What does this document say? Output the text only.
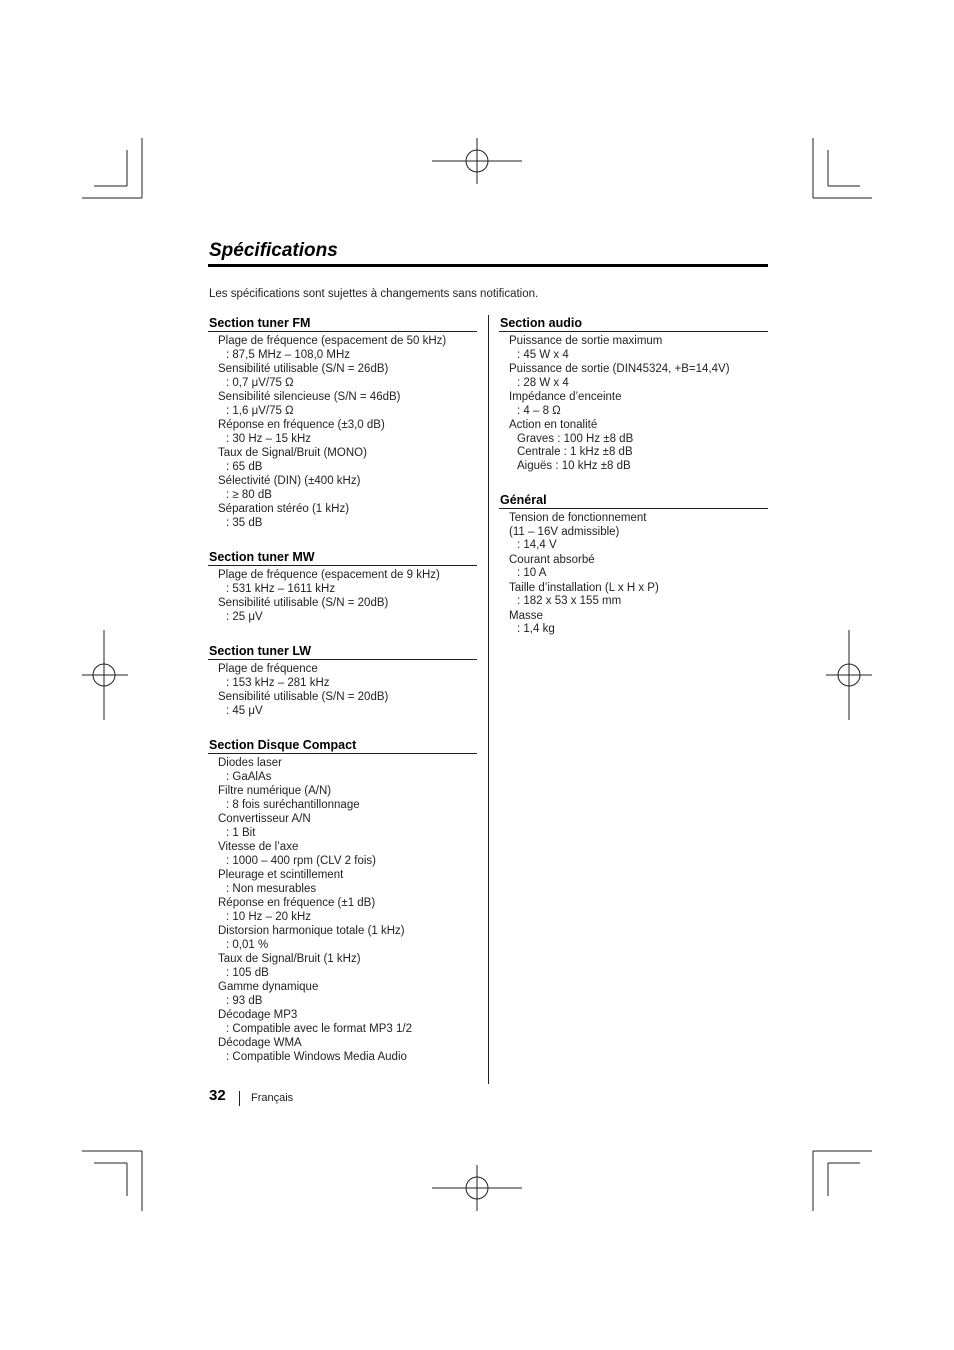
Spécifications
Les spécifications sont sujettes à changements sans notification.
Section tuner FM
Plage de fréquence (espacement de 50 kHz)
: 87,5 MHz – 108,0 MHz
Sensibilité utilisable (S/N = 26dB)
: 0,7 μV/75 Ω
Sensibilité silencieuse (S/N = 46dB)
: 1,6 μV/75 Ω
Réponse en fréquence (±3,0 dB)
: 30 Hz – 15 kHz
Taux de Signal/Bruit (MONO)
: 65 dB
Sélectivité (DIN) (±400 kHz)
: ≥ 80 dB
Séparation stéréo (1 kHz)
: 35 dB
Section tuner MW
Plage de fréquence (espacement de 9 kHz)
: 531 kHz – 1611 kHz
Sensibilité utilisable (S/N = 20dB)
: 25 μV
Section tuner LW
Plage de fréquence
: 153 kHz – 281 kHz
Sensibilité utilisable (S/N = 20dB)
: 45 μV
Section Disque Compact
Diodes laser
: GaAlAs
Filtre numérique (A/N)
: 8 fois suréchantillonnage
Convertisseur A/N
: 1 Bit
Vitesse de l’axe
: 1000 – 400 rpm (CLV 2 fois)
Pleurage et scintillement
: Non mesurables
Réponse en fréquence (±1 dB)
: 10 Hz – 20 kHz
Distorsion harmonique totale (1 kHz)
: 0,01 %
Taux de Signal/Bruit (1 kHz)
: 105 dB
Gamme dynamique
: 93 dB
Décodage MP3
: Compatible avec le format MP3 1/2
Décodage WMA
: Compatible Windows Media Audio
Section audio
Puissance de sortie maximum
: 45 W x 4
Puissance de sortie (DIN45324, +B=14,4V)
: 28 W x 4
Impédance d’enceinte
: 4 – 8 Ω
Action en tonalité
Graves : 100 Hz ±8 dB
Centrale : 1 kHz ±8 dB
Aiguës : 10 kHz ±8 dB
Général
Tension de fonctionnement
(11 – 16V admissible)
: 14,4 V
Courant absorbé
: 10 A
Taille d’installation (L x H x P)
: 182 x 53 x 155 mm
Masse
: 1,4 kg
32 Français
